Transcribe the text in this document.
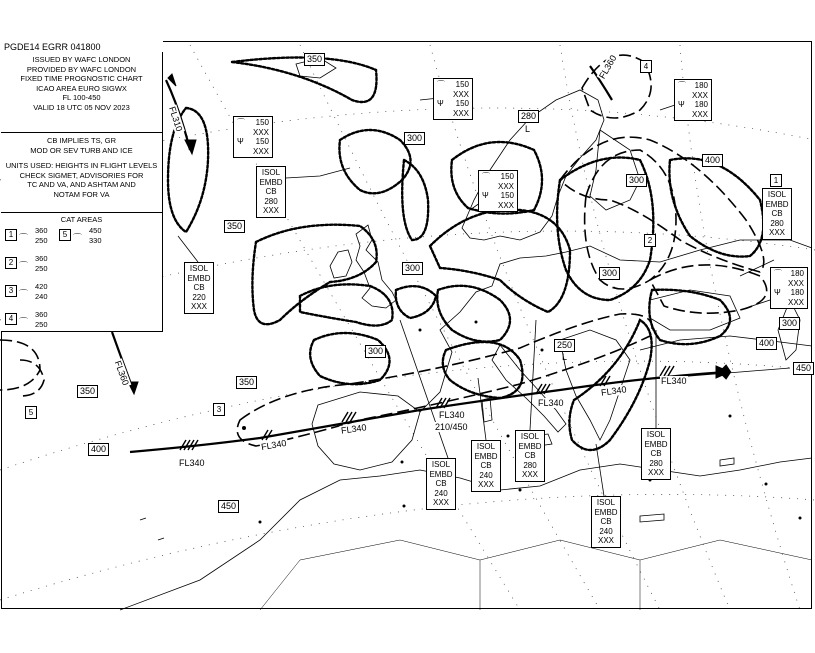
PGDE14 EGRR 041800
ISSUED BY WAFC LONDON
PROVIDED BY WAFC LONDON
FIXED TIME PROGNOSTIC CHART
ICAO AREA EURO SIGWX
FL 100-450
VALID 18 UTC 05 NOV 2023
CB IMPLIES TS, GR
MOD OR SEV TURB AND ICE
UNITS USED: HEIGHTS IN FLIGHT LEVELS
CHECK SIGMET, ADVISORIES FOR
TC AND VA, AND ASHTAM AND
NOTAM FOR VA
CAT AREAS
1 ⌒
360
250
5 ⌒
450
330
2 ⌒
360
250
3 ⌒
420
240
4 ⌒
360
250
ISOL
EMBD
CB
280
XXX
ISOL
EMBD
CB
220
XXX
ISOL
EMBD
CB
280
XXX
ISOL
EMBD
CB
240
XXX
ISOL
EMBD
CB
240
XXX
ISOL
EMBD
CB
280
XXX
ISOL
EMBD
CB
240
XXX
ISOL
EMBD
CB
280
XXX
⌒
Ψ
150
XXX
150
XXX
⌒
Ψ
150
XXX
150
XXX
⌒
Ψ
150
XXX
150
XXX
⌒
Ψ
180
XXX
180
XXX
⌒
Ψ
180
XXX
180
XXX
350
300
350
300
300
280
400
300
300
250
350
300
400
350
450
400
450
L
L
FL310
FL360
FL360
FL340
FL340
FL340
FL340
FL340
FL340
FL340
210/450
4
1
2
3
5
